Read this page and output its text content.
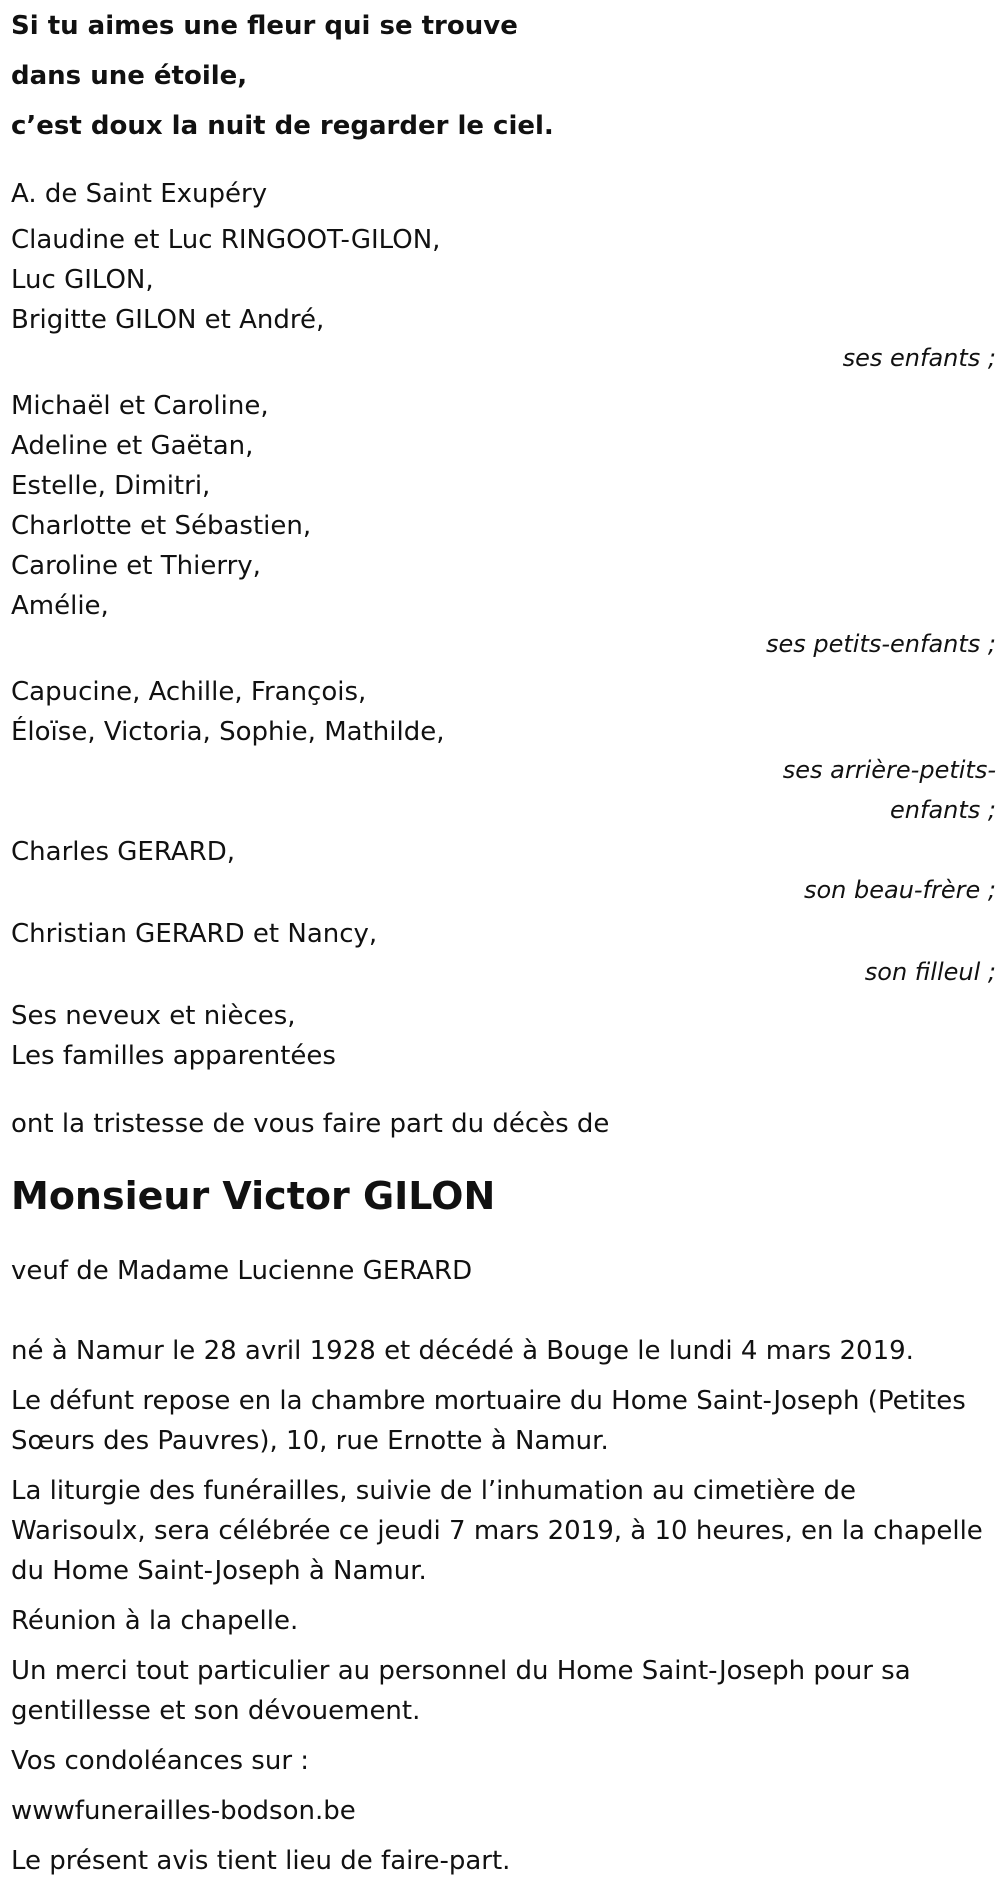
Si tu aimes une fleur qui se trouve
dans une étoile,
c’est doux la nuit de regarder le ciel.
A. de Saint Exupéry
Claudine et Luc RINGOOT-GILON,
Luc GILON,
Brigitte GILON et André,
ses enfants ;
Michaël et Caroline,
Adeline et Gaëtan,
Estelle, Dimitri,
Charlotte et Sébastien,
Caroline et Thierry,
Amélie,
ses petits-enfants ;
Capucine, Achille, François,
Éloïse, Victoria, Sophie, Mathilde,
ses arrière-petits-enfants ;
Charles GERARD,
son beau-frère ;
Christian GERARD et Nancy,
son filleul ;
Ses neveux et nièces,
Les familles apparentées
ont la tristesse de vous faire part du décès de
Monsieur Victor GILON
veuf de Madame Lucienne GERARD
né à Namur le 28 avril 1928 et décédé à Bouge le lundi 4 mars 2019.
Le défunt repose en la chambre mortuaire du Home Saint-Joseph (Petites Sœurs des Pauvres), 10, rue Ernotte à Namur.
La liturgie des funérailles, suivie de l’inhumation au cimetière de Warisoulx, sera célébrée ce jeudi 7 mars 2019, à 10 heures, en la chapelle du Home Saint-Joseph à Namur.
Réunion à la chapelle.
Un merci tout particulier au personnel du Home Saint-Joseph pour sa gentillesse et son dévouement.
Vos condoléances sur :
wwwfunerailles-bodson.be
Le présent avis tient lieu de faire-part.
